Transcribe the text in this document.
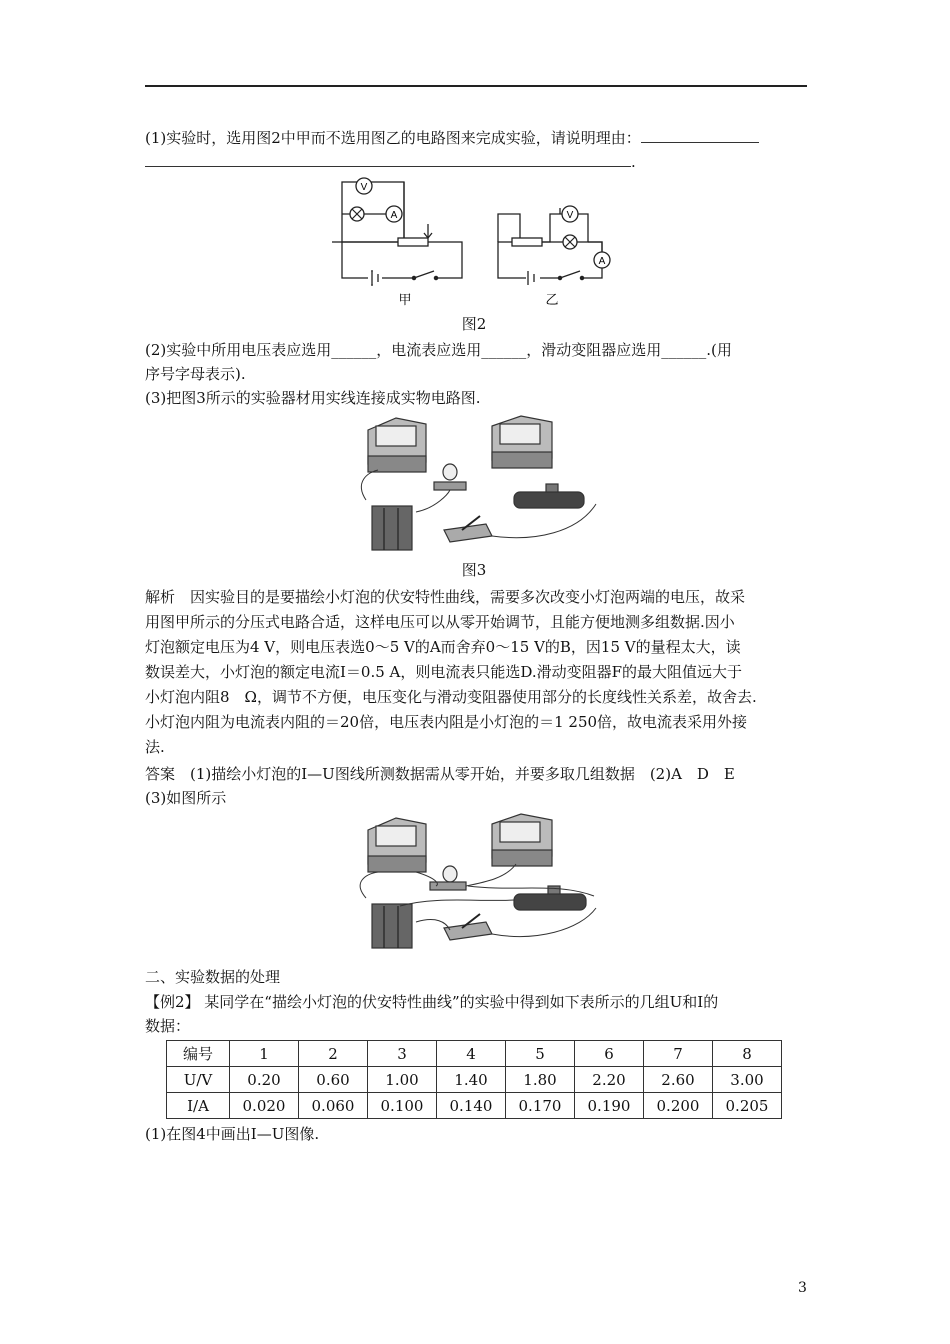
(1)实验时，选用图2中甲而不选用图乙的电路图来完成实验，请说明理由：
.
V
A
甲
V
A
乙
图2
(2)实验中所用电压表应选用______，电流表应选用______，滑动变阻器应选用______.(用
序号字母表示).
(3)把图3所示的实验器材用实线连接成实物电路图.
图3
解析　因实验目的是要描绘小灯泡的伏安特性曲线，需要多次改变小灯泡两端的电压，故采
用图甲所示的分压式电路合适，这样电压可以从零开始调节，且能方便地测多组数据.因小
灯泡额定电压为4 V，则电压表选0～5 V的A而舍弃0～15 V的B，因15 V的量程太大，读
数误差大，小灯泡的额定电流I＝0.5 A，则电流表只能选D.滑动变阻器F的最大阻值远大于
小灯泡内阻8　Ω，调节不方便，电压变化与滑动变阻器使用部分的长度线性关系差，故舍去.
小灯泡内阻为电流表内阻的＝20倍，电压表内阻是小灯泡的＝1 250倍，故电流表采用外接
法.
答案　(1)描绘小灯泡的I—U图线所测数据需从零开始，并要多取几组数据　(2)A　D　E
(3)如图所示
二、实验数据的处理
【例2】 某同学在“描绘小灯泡的伏安特性曲线”的实验中得到如下表所示的几组U和I的
数据：
编号	1	2	3	4	5	6	7	8
U/V	0.20	0.60	1.00	1.40	1.80	2.20	2.60	3.00
I/A	0.020	0.060	0.100	0.140	0.170	0.190	0.200	0.205
(1)在图4中画出I—U图像.
3
